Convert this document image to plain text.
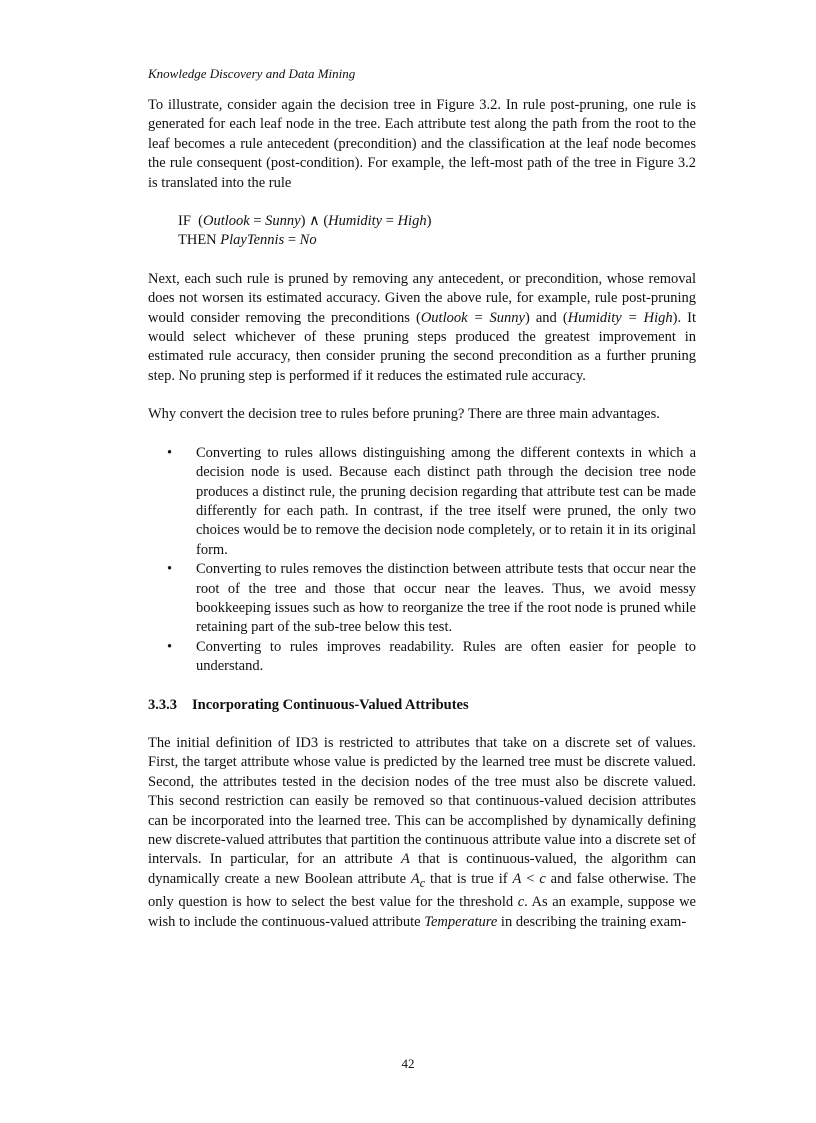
Knowledge Discovery and Data Mining

To illustrate, consider again the decision tree in Figure 3.2. In rule post-pruning, one rule is generated for each leaf node in the tree. Each attribute test along the path from the root to the leaf becomes a rule antecedent (precondition) and the classification at the leaf node becomes the rule consequent (post-condition). For example, the left-most path of the tree in Figure 3.2 is translated into the rule

IF  (Outlook = Sunny) ∧ (Humidity = High)
THEN PlayTennis = No

Next, each such rule is pruned by removing any antecedent, or precondition, whose removal does not worsen its estimated accuracy. Given the above rule, for example, rule post-pruning would consider removing the preconditions (Outlook = Sunny) and (Humidity = High). It would select whichever of these pruning steps produced the greatest improvement in estimated rule accuracy, then consider pruning the second precondition as a further pruning step. No pruning step is performed if it reduces the estimated rule accuracy.

Why convert the decision tree to rules before pruning? There are three main advantages.

• Converting to rules allows distinguishing among the different contexts in which a decision node is used. Because each distinct path through the decision tree node produces a distinct rule, the pruning decision regarding that attribute test can be made differently for each path. In contrast, if the tree itself were pruned, the only two choices would be to remove the decision node completely, or to retain it in its original form.
• Converting to rules removes the distinction between attribute tests that occur near the root of the tree and those that occur near the leaves. Thus, we avoid messy bookkeeping issues such as how to reorganize the tree if the root node is pruned while retaining part of the sub-tree below this test.
• Converting to rules improves readability. Rules are often easier for people to understand.
3.3.3 Incorporating Continuous-Valued Attributes

The initial definition of ID3 is restricted to attributes that take on a discrete set of values. First, the target attribute whose value is predicted by the learned tree must be discrete valued. Second, the attributes tested in the decision nodes of the tree must also be discrete valued. This second restriction can easily be removed so that continuous-valued decision attributes can be incorporated into the learned tree. This can be accomplished by dynamically defining new discrete-valued attributes that partition the continuous attribute value into a discrete set of intervals. In particular, for an attribute A that is continuous-valued, the algorithm can dynamically create a new Boolean attribute $A_c$ that is true if A < c and false otherwise. The only question is how to select the best value for the threshold c. As an example, suppose we wish to include the continuous-valued attribute Temperature in describing the training exam-

42
